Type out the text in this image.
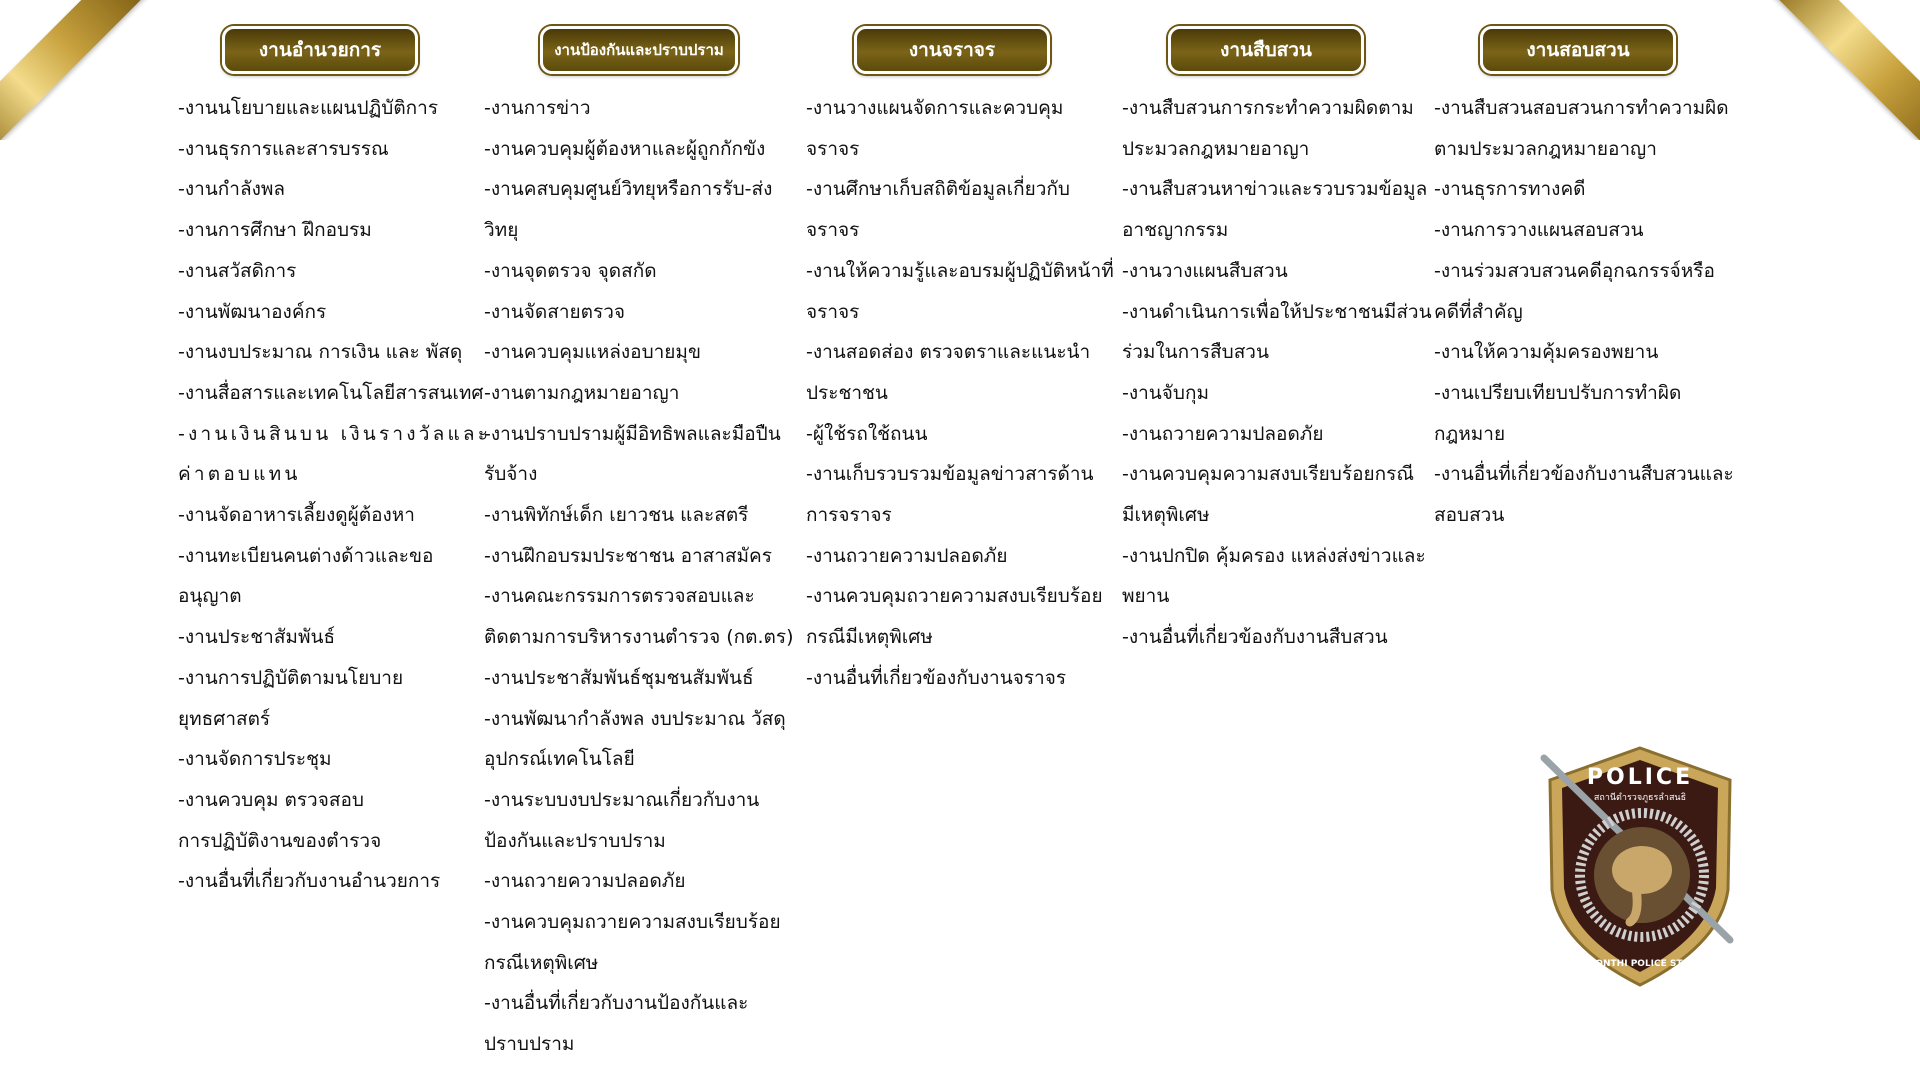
งานอำนวยการ
-งานนโยบายและแผนปฏิบัติการ
-งานธุรการและสารบรรณ
-งานกำลังพล
-งานการศึกษา ฝึกอบรม
-งานสวัสดิการ
-งานพัฒนาองค์กร
-งานงบประมาณ การเงิน และ พัสดุ
-งานสื่อสารและเทคโนโลยีสารสนเทศ
-งานเงินสินบน เงินรางวัลและ
ค่าตอบแทน
-งานจัดอาหารเลี้ยงดูผู้ต้องหา
-งานทะเบียนคนต่างด้าวและขอ
อนุญาต
-งานประชาสัมพันธ์
-งานการปฏิบัติตามนโยบาย
ยุทธศาสตร์
-งานจัดการประชุม
-งานควบคุม ตรวจสอบ
การปฏิบัติงานของตำรวจ
-งานอื่นที่เกี่ยวกับงานอำนวยการ
งานป้องกันและปราบปราม
-งานการข่าว
-งานควบคุมผู้ต้องหาและผู้ถูกกักขัง
-งานคสบคุมศูนย์วิทยุหรือการรับ-ส่ง
วิทยุ
-งานจุดตรวจ จุดสกัด
-งานจัดสายตรวจ
-งานควบคุมแหล่งอบายมุข
-งานตามกฎหมายอาญา
-งานปราบปรามผู้มีอิทธิพลและมือปืน
รับจ้าง
-งานพิทักษ์เด็ก เยาวชน และสตรี
-งานฝึกอบรมประชาชน อาสาสมัคร
-งานคณะกรรมการตรวจสอบและ
ติดตามการบริหารงานตำรวจ (กต.ตร)
-งานประชาสัมพันธ์ชุมชนสัมพันธ์
-งานพัฒนากำลังพล งบประมาณ วัสดุ
อุปกรณ์เทคโนโลยี
-งานระบบงบประมาณเกี่ยวกับงาน
ป้องกันและปราบปราม
-งานถวายความปลอดภัย
-งานควบคุมถวายความสงบเรียบร้อย
กรณีเหตุพิเศษ
-งานอื่นที่เกี่ยวกับงานป้องกันและ
ปราบปราม
งานจราจร
-งานวางแผนจัดการและควบคุม
จราจร
-งานศึกษาเก็บสถิติข้อมูลเกี่ยวกับ
จราจร
-งานให้ความรู้และอบรมผู้ปฏิบัติหน้าที่
จราจร
-งานสอดส่อง ตรวจตราและแนะนำ
ประชาชน
-ผู้ใช้รถใช้ถนน
-งานเก็บรวบรวมข้อมูลข่าวสารด้าน
การจราจร
-งานถวายความปลอดภัย
-งานควบคุมถวายความสงบเรียบร้อย
กรณีมีเหตุพิเศษ
-งานอื่นที่เกี่ยวข้องกับงานจราจร
งานสืบสวน
-งานสืบสวนการกระทำความผิดตาม
ประมวลกฎหมายอาญา
-งานสืบสวนหาข่าวและรวบรวมข้อมูล
อาชญากรรม
-งานวางแผนสืบสวน
-งานดำเนินการเพื่อให้ประชาชนมีส่วน
ร่วมในการสืบสวน
-งานจับกุม
-งานถวายความปลอดภัย
-งานควบคุมความสงบเรียบร้อยกรณี
มีเหตุพิเศษ
-งานปกปิด คุ้มครอง แหล่งส่งข่าวและ
พยาน
-งานอื่นที่เกี่ยวข้องกับงานสืบสวน
งานสอบสวน
-งานสืบสวนสอบสวนการทำความผิด
ตามประมวลกฎหมายอาญา
-งานธุรการทางคดี
-งานการวางแผนสอบสวน
-งานร่วมสวบสวนคดีอุกฉกรรจ์หรือ
คดีที่สำคัญ
-งานให้ความคุ้มครองพยาน
-งานเปรียบเทียบปรับการทำผิด
กฎหมาย
-งานอื่นที่เกี่ยวข้องกับงานสืบสวนและ
สอบสวน
POLICE
สถานีตำรวจภูธรลำสนธิ
LAMSONTHI POLICE STATION
